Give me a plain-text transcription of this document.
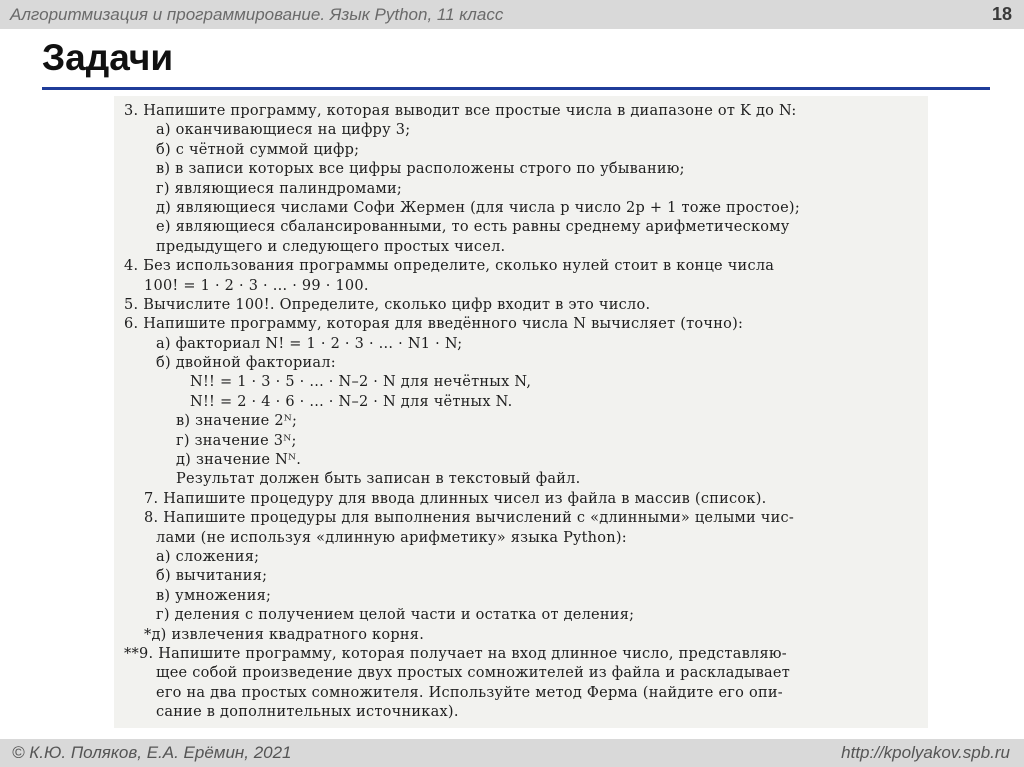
Алгоритмизация и программирование. Язык Python, 11 класс	18
Задачи
3. Напишите программу, которая выводит все простые числа в диапазоне от K до N:
а) оканчивающиеся на цифру 3;
б) с чётной суммой цифр;
в) в записи которых все цифры расположены строго по убыванию;
г) являющиеся палиндромами;
д) являющиеся числами Софи Жермен (для числа p число 2p + 1 тоже простое);
е) являющиеся сбалансированными, то есть равны среднему арифметическому
предыдущего и следующего простых чисел.
4. Без использования программы определите, сколько нулей стоит в конце числа
100! = 1 · 2 · 3 · ... · 99 · 100.
5. Вычислите 100!. Определите, сколько цифр входит в это число.
6. Напишите программу, которая для введённого числа N вычисляет (точно):
а) факториал N! = 1 · 2 · 3 · ... · N1 · N;
б) двойной факториал:
N!! = 1 · 3 · 5 · ... · N–2 · N для нечётных N,
N!! = 2 · 4 · 6 · ... · N–2 · N для чётных N.
в) значение 2ᴺ;
г) значение 3ᴺ;
д) значение Nᴺ.
Результат должен быть записан в текстовый файл.
7. Напишите процедуру для ввода длинных чисел из файла в массив (список).
8. Напишите процедуры для выполнения вычислений с «длинными» целыми чис-
лами (не используя «длинную арифметику» языка Python):
а) сложения;
б) вычитания;
в) умножения;
г) деления с получением целой части и остатка от деления;
*д) извлечения квадратного корня.
**9. Напишите программу, которая получает на вход длинное число, представляю-
щее собой произведение двух простых сомножителей из файла и раскладывает
его на два простых сомножителя. Используйте метод Ферма (найдите его опи-
сание в дополнительных источниках).
© К.Ю. Поляков, Е.А. Ерёмин, 2021	http://kpolyakov.spb.ru
